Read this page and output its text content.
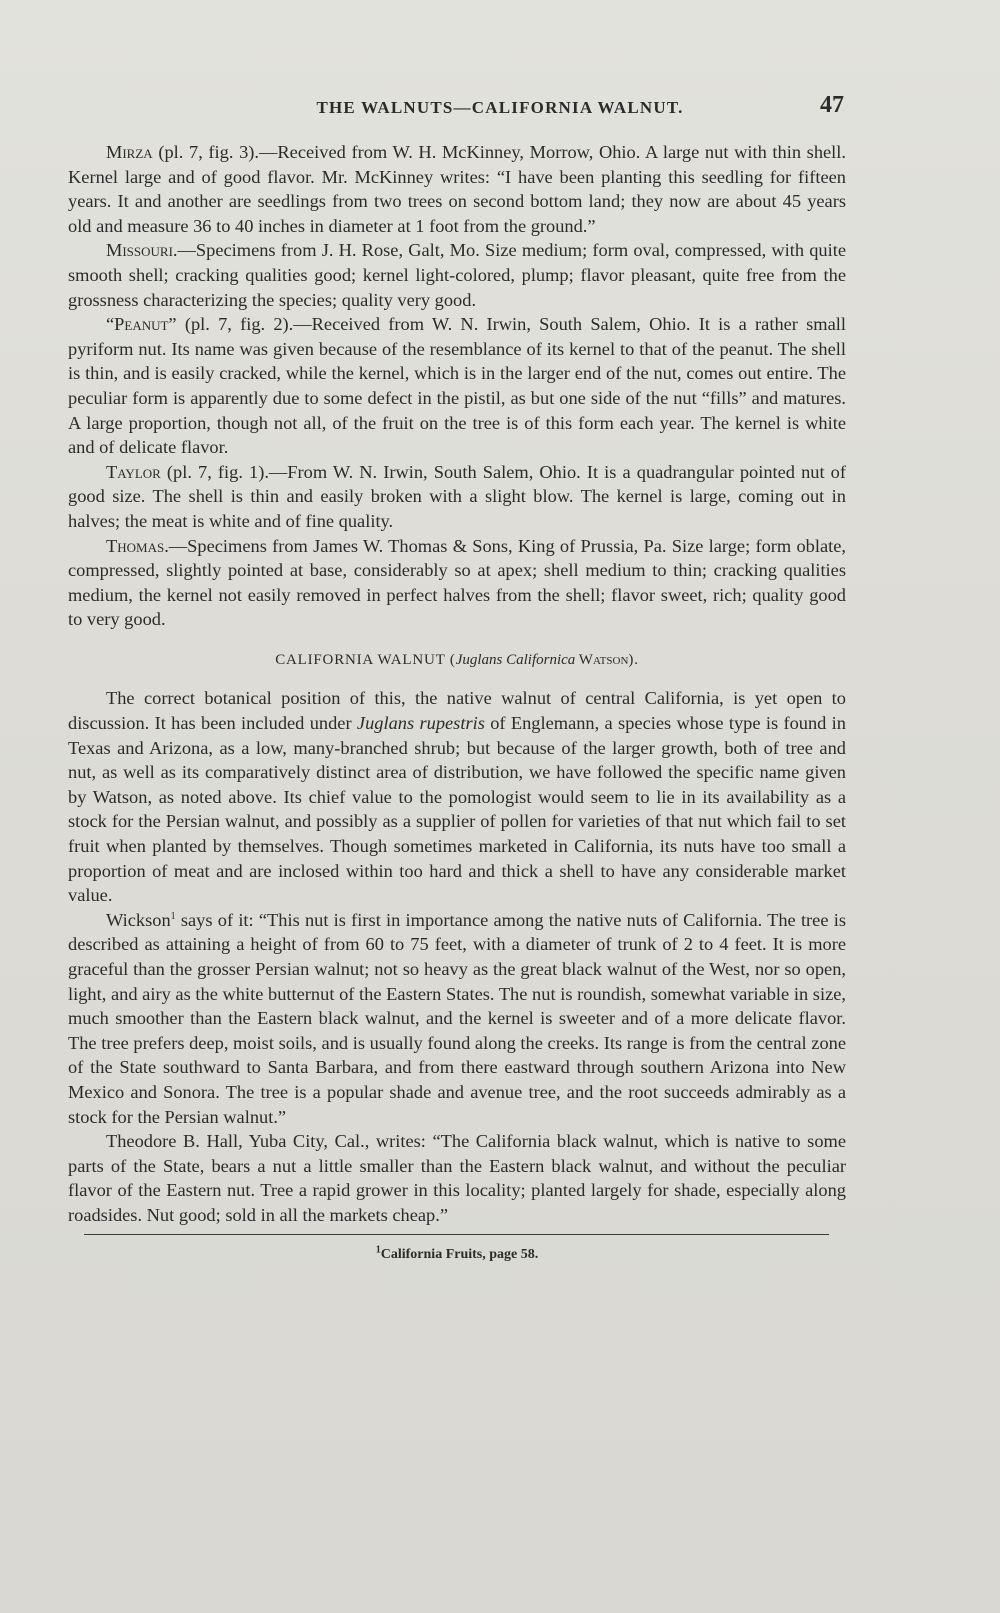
THE WALNUTS—CALIFORNIA WALNUT.	47

Mirza (pl. 7, fig. 3).—Received from W. H. McKinney, Morrow, Ohio. A large nut with thin shell. Kernel large and of good flavor. Mr. McKinney writes: “I have been planting this seedling for fifteen years. It and another are seedlings from two trees on second bottom land; they now are about 45 years old and measure 36 to 40 inches in diameter at 1 foot from the ground.”

Missouri.—Specimens from J. H. Rose, Galt, Mo. Size medium; form oval, compressed, with quite smooth shell; cracking qualities good; kernel light-colored, plump; flavor pleasant, quite free from the grossness characterizing the species; quality very good.

“Peanut” (pl. 7, fig. 2).—Received from W. N. Irwin, South Salem, Ohio. It is a rather small pyriform nut. Its name was given because of the resemblance of its kernel to that of the peanut. The shell is thin, and is easily cracked, while the kernel, which is in the larger end of the nut, comes out entire. The peculiar form is apparently due to some defect in the pistil, as but one side of the nut “fills” and matures. A large proportion, though not all, of the fruit on the tree is of this form each year. The kernel is white and of delicate flavor.

Taylor (pl. 7, fig. 1).—From W. N. Irwin, South Salem, Ohio. It is a quadrangular pointed nut of good size. The shell is thin and easily broken with a slight blow. The kernel is large, coming out in halves; the meat is white and of fine quality.

Thomas.—Specimens from James W. Thomas & Sons, King of Prussia, Pa. Size large; form oblate, compressed, slightly pointed at base, considerably so at apex; shell medium to thin; cracking qualities medium, the kernel not easily removed in perfect halves from the shell; flavor sweet, rich; quality good to very good.

CALIFORNIA WALNUT (Juglans Californica Watson).

The correct botanical position of this, the native walnut of central California, is yet open to discussion. It has been included under Juglans rupestris of Englemann, a species whose type is found in Texas and Arizona, as a low, many-branched shrub; but because of the larger growth, both of tree and nut, as well as its comparatively distinct area of distribution, we have followed the specific name given by Watson, as noted above. Its chief value to the pomologist would seem to lie in its availability as a stock for the Persian walnut, and possibly as a supplier of pollen for varieties of that nut which fail to set fruit when planted by themselves. Though sometimes marketed in California, its nuts have too small a proportion of meat and are inclosed within too hard and thick a shell to have any considerable market value.

Wickson$^1$ says of it: “This nut is first in importance among the native nuts of California. The tree is described as attaining a height of from 60 to 75 feet, with a diameter of trunk of 2 to 4 feet. It is more graceful than the grosser Persian walnut; not so heavy as the great black walnut of the West, nor so open, light, and airy as the white butternut of the Eastern States. The nut is roundish, somewhat variable in size, much smoother than the Eastern black walnut, and the kernel is sweeter and of a more delicate flavor. The tree prefers deep, moist soils, and is usually found along the creeks. Its range is from the central zone of the State southward to Santa Barbara, and from there eastward through southern Arizona into New Mexico and Sonora. The tree is a popular shade and avenue tree, and the root succeeds admirably as a stock for the Persian walnut.”

Theodore B. Hall, Yuba City, Cal., writes: “The California black walnut, which is native to some parts of the State, bears a nut a little smaller than the Eastern black walnut, and without the peculiar flavor of the Eastern nut. Tree a rapid grower in this locality; planted largely for shade, especially along roadsides. Nut good; sold in all the markets cheap.”

$^1$California Fruits, page 58.
